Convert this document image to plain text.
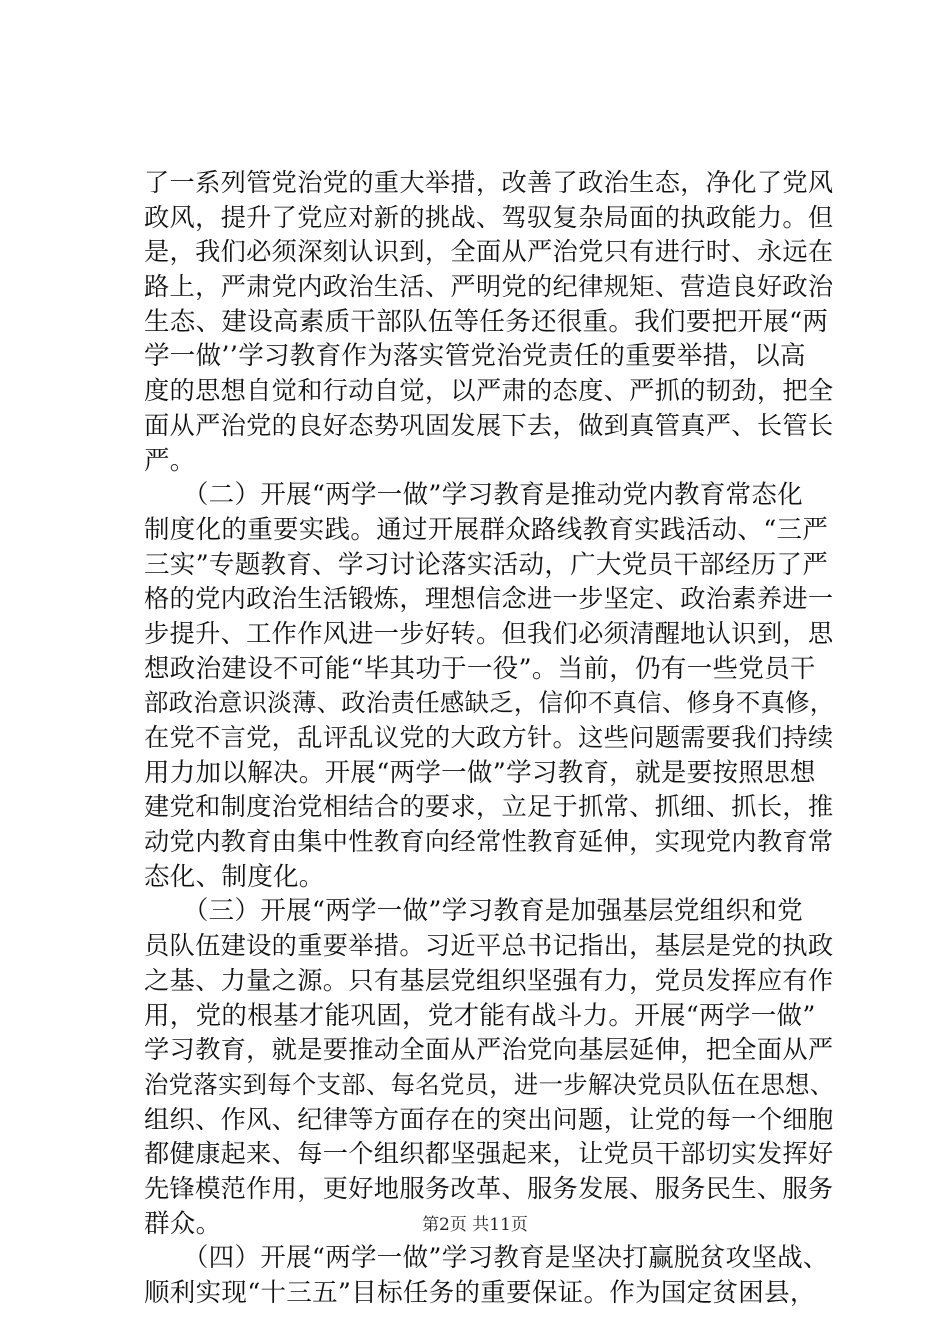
了一系列管党治党的重大举措，改善了政治生态，净化了党风
政风，提升了党应对新的挑战、驾驭复杂局面的执政能力。但
是，我们必须深刻认识到，全面从严治党只有进行时、永远在
路上，严肃党内政治生活、严明党的纪律规矩、营造良好政治
生态、建设高素质干部队伍等任务还很重。我们要把开展“两
学一做’’学习教育作为落实管党治党责任的重要举措，以高
度的思想自觉和行动自觉，以严肃的态度、严抓的韧劲，把全
面从严治党的良好态势巩固发展下去，做到真管真严、长管长
严。
　　（二）开展“两学一做”学习教育是推动党内教育常态化
制度化的重要实践。通过开展群众路线教育实践活动、“三严
三实”专题教育、学习讨论落实活动，广大党员干部经历了严
格的党内政治生活锻炼，理想信念进一步坚定、政治素养进一
步提升、工作作风进一步好转。但我们必须清醒地认识到，思
想政治建设不可能“毕其功于一役”。当前，仍有一些党员干
部政治意识淡薄、政治责任感缺乏，信仰不真信、修身不真修，
在党不言党，乱评乱议党的大政方针。这些问题需要我们持续
用力加以解决。开展“两学一做”学习教育，就是要按照思想
建党和制度治党相结合的要求，立足于抓常、抓细、抓长，推
动党内教育由集中性教育向经常性教育延伸，实现党内教育常
态化、制度化。
　　（三）开展“两学一做”学习教育是加强基层党组织和党
员队伍建设的重要举措。习近平总书记指出，基层是党的执政
之基、力量之源。只有基层党组织坚强有力，党员发挥应有作
用，党的根基才能巩固，党才能有战斗力。开展“两学一做”
学习教育，就是要推动全面从严治党向基层延伸，把全面从严
治党落实到每个支部、每名党员，进一步解决党员队伍在思想、
组织、作风、纪律等方面存在的突出问题，让党的每一个细胞
都健康起来、每一个组织都坚强起来，让党员干部切实发挥好
先锋模范作用，更好地服务改革、服务发展、服务民生、服务
群众。
　　（四）开展“两学一做”学习教育是坚决打赢脱贫攻坚战、
顺利实现“十三五”目标任务的重要保证。作为国定贫困县，
第2页 共11页
